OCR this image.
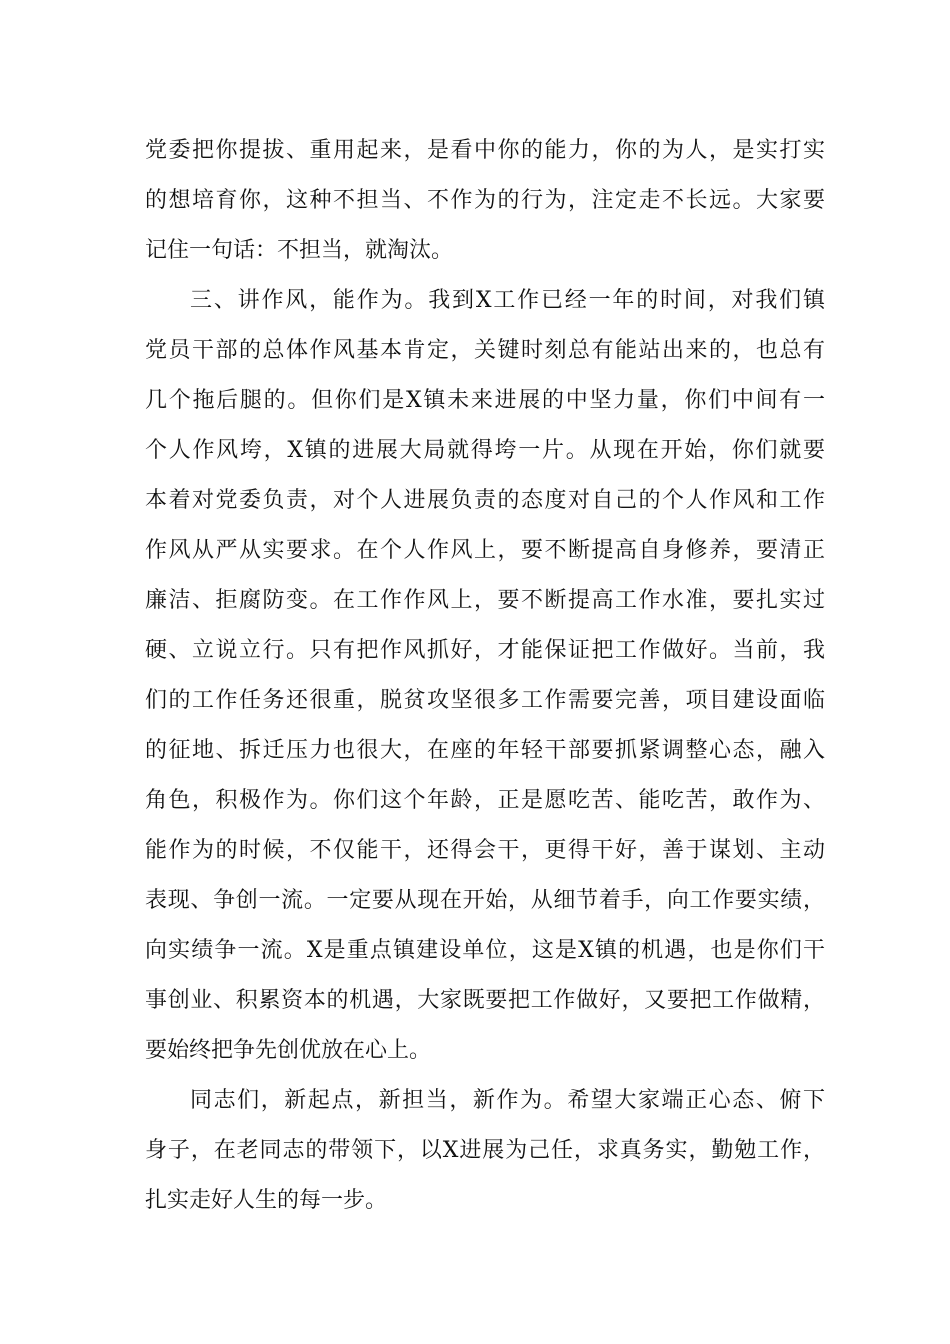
党委把你提拔、重用起来，是看中你的能力，你的为人，是实打实
的想培育你，这种不担当、不作为的行为，注定走不长远。大家要
记住一句话：不担当，就淘汰。
三、讲作风，能作为。我到X工作已经一年的时间，对我们镇
党员干部的总体作风基本肯定，关键时刻总有能站出来的，也总有
几个拖后腿的。但你们是X镇未来进展的中坚力量，你们中间有一
个人作风垮，X镇的进展大局就得垮一片。从现在开始，你们就要
本着对党委负责，对个人进展负责的态度对自己的个人作风和工作
作风从严从实要求。在个人作风上，要不断提高自身修养，要清正
廉洁、拒腐防变。在工作作风上，要不断提高工作水准，要扎实过
硬、立说立行。只有把作风抓好，才能保证把工作做好。当前，我
们的工作任务还很重，脱贫攻坚很多工作需要完善，项目建设面临
的征地、拆迁压力也很大，在座的年轻干部要抓紧调整心态，融入
角色，积极作为。你们这个年龄，正是愿吃苦、能吃苦，敢作为、
能作为的时候，不仅能干，还得会干，更得干好，善于谋划、主动
表现、争创一流。一定要从现在开始，从细节着手，向工作要实绩，
向实绩争一流。X是重点镇建设单位，这是X镇的机遇，也是你们干
事创业、积累资本的机遇，大家既要把工作做好，又要把工作做精，
要始终把争先创优放在心上。
同志们，新起点，新担当，新作为。希望大家端正心态、俯下
身子，在老同志的带领下，以X进展为己任，求真务实，勤勉工作，
扎实走好人生的每一步。
